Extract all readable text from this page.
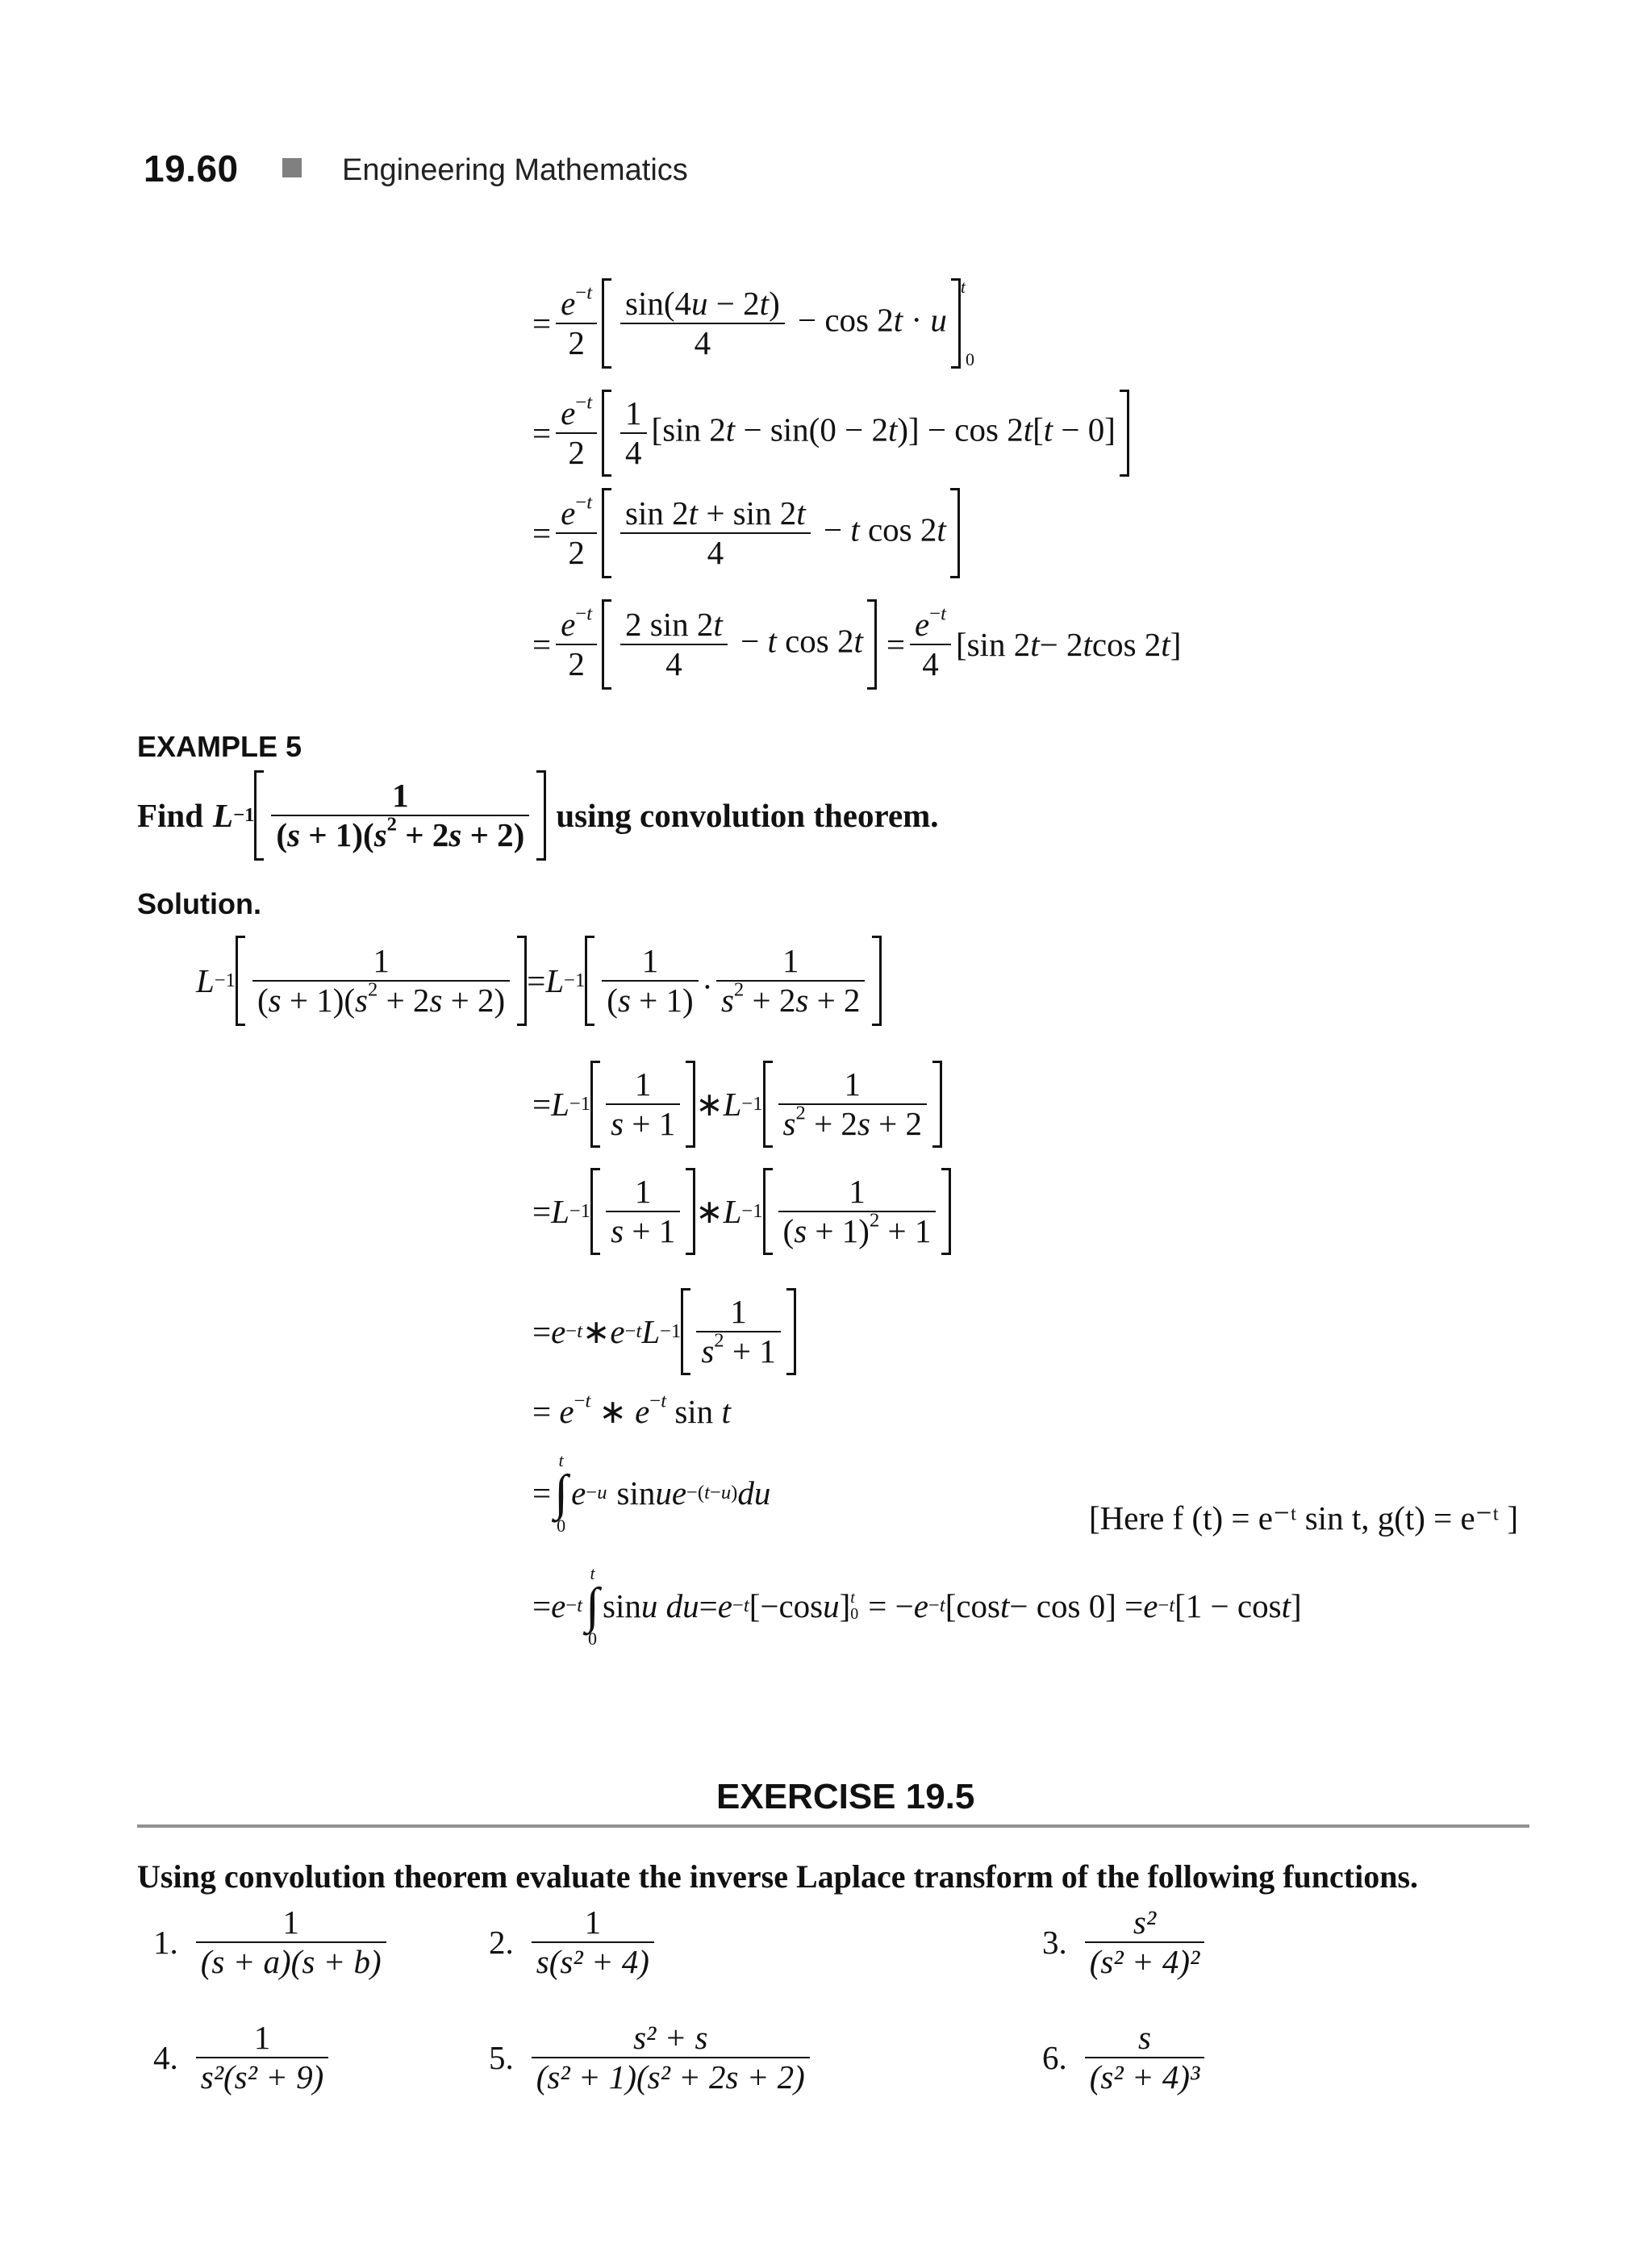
19.60	Engineering Mathematics
= $\frac{e^{-t}}{2} \frac{\sin(4u - 2t)}{4} - \cos 2t \cdot u$
t
0
= $\frac{e^{-t}}{2} \frac{1}{4} [\sin$ 2t − sin(0 − 2t)] − cos 2t[t − 0]
= $\frac{e^{-t}}{2} \frac{\sin 2t + \sin 2t}{4} - t$ cos 2t
= $\frac{e^{-t}}{2} \frac{2 \sin 2t}{4} - t$ $\cos 2t = \frac{e^{-t}}{4} [\sin$ 2 t − 2 t cos 2 t ]
EXAMPLE 5
Find $L -1 \frac{1}{(s + 1)(s^2 + 2s + 2)}$ using convolution theorem.
Solution.
$L -1 \frac{1}{(s + 1)(s^2 + 2s + 2)} = L -1 \frac{1}{(s + 1)}$ . $\frac{1}{s^2 + 2s + 2}$
= $L -1 \frac{1}{s + 1}$ ∗ $L -1 \frac{1}{s^2 + 2s + 2}$
= $L -1 \frac{1}{s + 1}$ ∗ $L -1 \frac{1}{(s + 1)^2 + 1}$
= e −t ∗ e −t $L -1 \frac{1}{s^2 + 1}$
= $e^{-t}$ ∗ $e^{-t}$ sin t
=
t
∫
0
e −u sin u e −(t−u) du
[Here f (t) = e⁻ᵗ sin t, g(t) = e⁻ᵗ ]
= e −t
t
∫
0
sin u du = e −t [−cos u ] t
0 = − e −t [cos t − cos 0] = e −t [1 − cos t ]
EXERCISE 19.5
Using convolution theorem evaluate the inverse Laplace transform of the following functions.
1. $\frac{1}{(s + a)(s + b)}$	2. $\frac{1}{\text{s(s² + 4)}}$	3. $\frac{\text{s²}}{\text{(s² + 4)²}}$
4. $\frac{1}{\text{s²(s² + 9)}}$	5. $\frac{\text{s² + s}}{\text{(s² + 1)(s² + 2s + 2)}}$	6. $\frac{s}{\text{(s² + 4)³}}$
